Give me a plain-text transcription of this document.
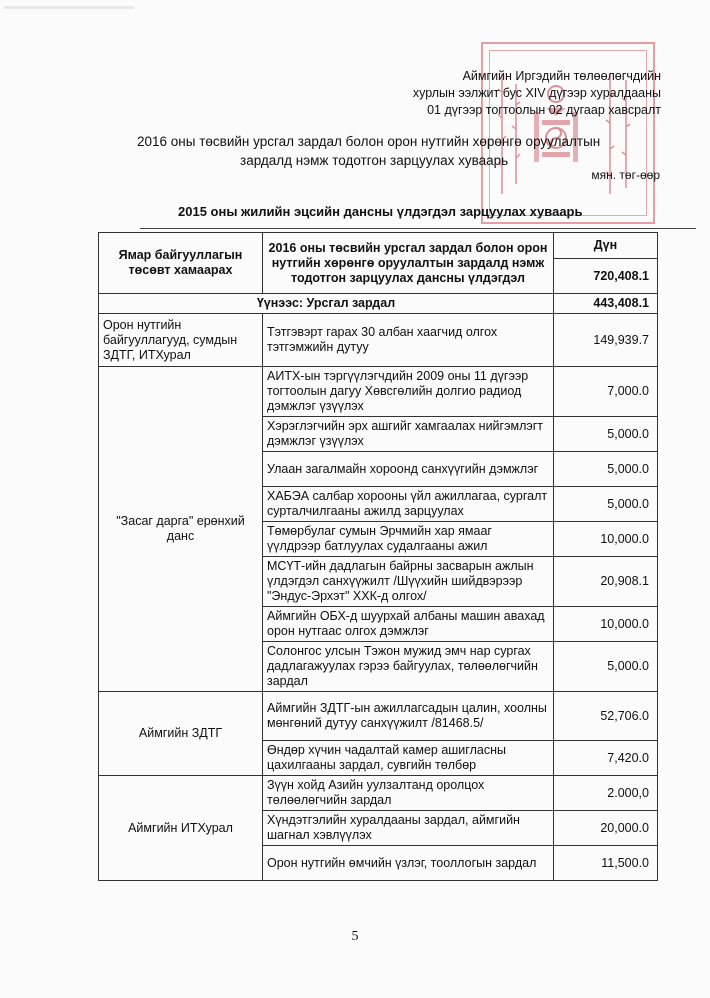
Аймгийн Иргэдийн төлөөлөгчдийн
хурлын ээлжит бус XIV дүгээр хуралдааны
01 дүгээр тогтоолын 02 дугаар хавсралт
2016 оны төсвийн урсгал зардал болон орон нутгийн хөрөнгө оруулалтын
зардалд нэмж тодотгон зарцуулах хуваарь
мян. төг-өөр
2015 оны жилийн эцсийн дансны үлдэгдэл зарцуулах хуваарь
Ямар байгууллагын төсөвт хамаарах	2016 оны төсвийн урсгал зардал болон орон нутгийн хөрөнгө оруулалтын зардалд нэмж тодотгон зарцуулах дансны үлдэгдэл	Дүн
		720,408.1
Үүнээс: Урсгал зардал		443,408.1
Орон нутгийн байгууллагууд, сумдын ЗДТГ, ИТХурал	Тэтгэвэрт гарах 30 албан хаагчид олгох тэтгэмжийн дутуу	149,939.7
"Засаг дарга" ерөнхий данс	АИТХ-ын тэргүүлэгчдийн 2009 оны 11 дүгээр тогтоолын дагуу Хөвсгөлийн долгио радиод дэмжлэг үзүүлэх	7,000.0
	Хэрэглэгчийн эрх ашгийг хамгаалах нийгэмлэгт дэмжлэг үзүүлэх	5,000.0
	Улаан загалмайн хороонд санхүүгийн дэмжлэг	5,000.0
	ХАБЭА салбар хорооны үйл ажиллагаа, сургалт сурталчилгааны ажилд зарцуулах	5,000.0
	Төмөрбулаг сумын Эрчмийн хар ямааг үүлдрээр батлуулах судалгааны ажил	10,000.0
	МСҮТ-ийн дадлагын байрны засварын ажлын үлдэгдэл санхүүжилт /Шүүхийн шийдвэрээр "Эндус-Эрхэт" ХХК-д олгох/	20,908.1
	Аймгийн ОБХ-д шуурхай албаны машин авахад орон нутгаас олгох дэмжлэг	10,000.0
	Солонгос улсын Тэжон мужид эмч нар сургах дадлагажуулах гэрээ байгуулах, төлөөлөгчийн зардал	5,000.0
Аймгийн ЗДТГ	Аймгийн ЗДТГ-ын ажиллагсадын цалин, хоолны мөнгөний дутуу санхүүжилт /81468.5/	52,706.0
	Өндөр хүчин чадалтай камер ашигласны цахилгааны зардал, сувгийн төлбөр	7,420.0
Аймгийн ИТХурал	Зүүн хойд Азийн уулзалтанд оролцох төлөөлөгчийн зардал	2.000,0
	Хүндэтгэлийн хуралдааны зардал, аймгийн шагнал хэвлүүлэх	20,000.0
	Орон нутгийн өмчийн үзлэг, тооллогын зардал	11,500.0
5
